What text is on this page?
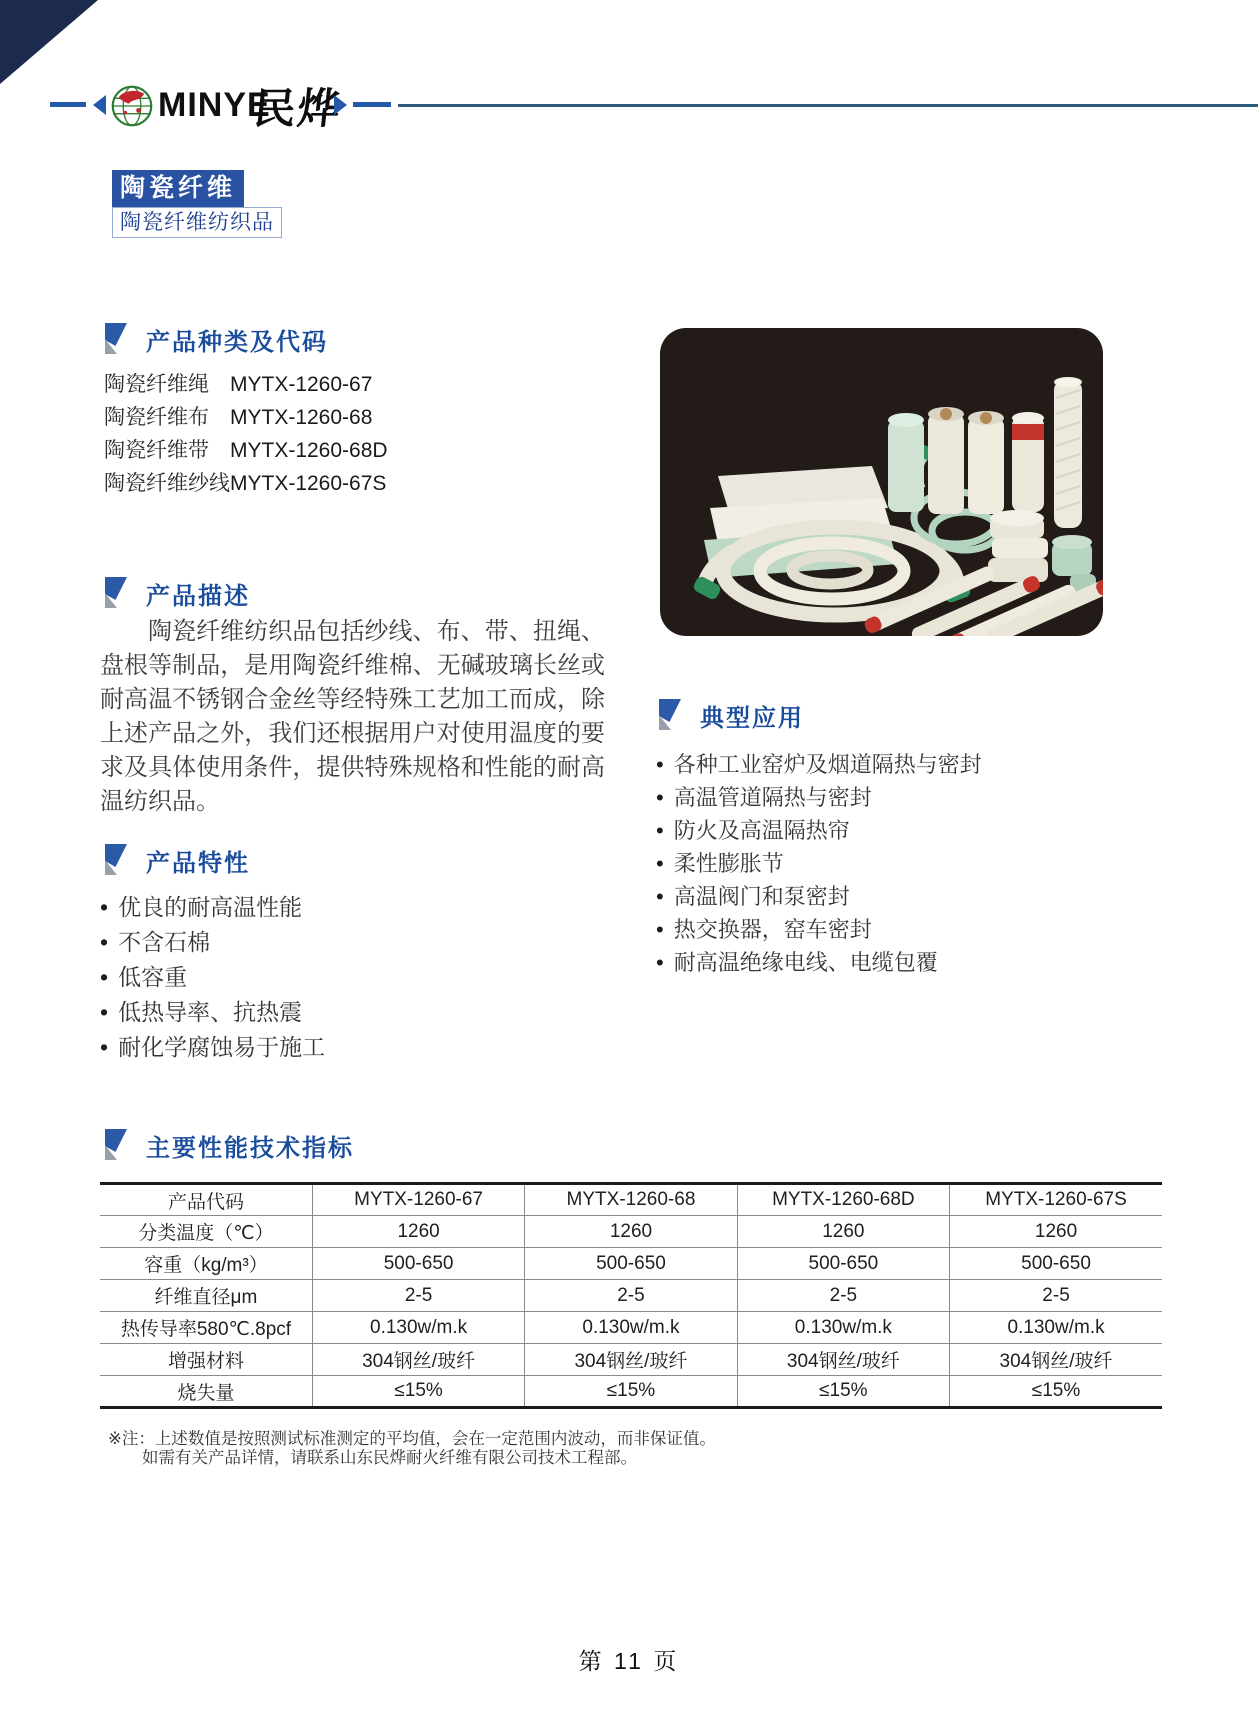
MINYE
民烨
陶瓷纤维
陶瓷纤维纺织品
产品种类及代码
陶瓷纤维绳	MYTX-1260-67
陶瓷纤维布	MYTX-1260-68
陶瓷纤维带	MYTX-1260-68D
陶瓷纤维纱线 MYTX-1260-67S
产品描述
陶瓷纤维纺织品包括纱线、布、带、扭绳、盘根等制品，是用陶瓷纤维棉、无碱玻璃长丝或耐高温不锈钢合金丝等经特殊工艺加工而成，除上述产品之外，我们还根据用户对使用温度的要求及具体使用条件，提供特殊规格和性能的耐高温纺织品。
典型应用
• 各种工业窑炉及烟道隔热与密封
• 高温管道隔热与密封
• 防火及高温隔热帘
• 柔性膨胀节
• 高温阀门和泵密封
• 热交换器，窑车密封
• 耐高温绝缘电线、电缆包覆
产品特性
• 优良的耐高温性能
• 不含石棉
• 低容重
• 低热导率、抗热震
• 耐化学腐蚀易于施工
主要性能技术指标
产品代码	MYTX-1260-67	MYTX-1260-68	MYTX-1260-68D	MYTX-1260-67S
分类温度（℃）	1260	1260	1260	1260
容重（kg/m³）	500-650	500-650	500-650	500-650
纤维直径μm	2-5	2-5	2-5	2-5
热传导率580℃.8pcf	0.130w/m.k	0.130w/m.k	0.130w/m.k	0.130w/m.k
增强材料	304钢丝/玻纤	304钢丝/玻纤	304钢丝/玻纤	304钢丝/玻纤
烧失量	≤15%	≤15%	≤15%	≤15%
※注：上述数值是按照测试标准测定的平均值，会在一定范围内波动，而非保证值。
如需有关产品详情，请联系山东民烨耐火纤维有限公司技术工程部。
第 11 页
